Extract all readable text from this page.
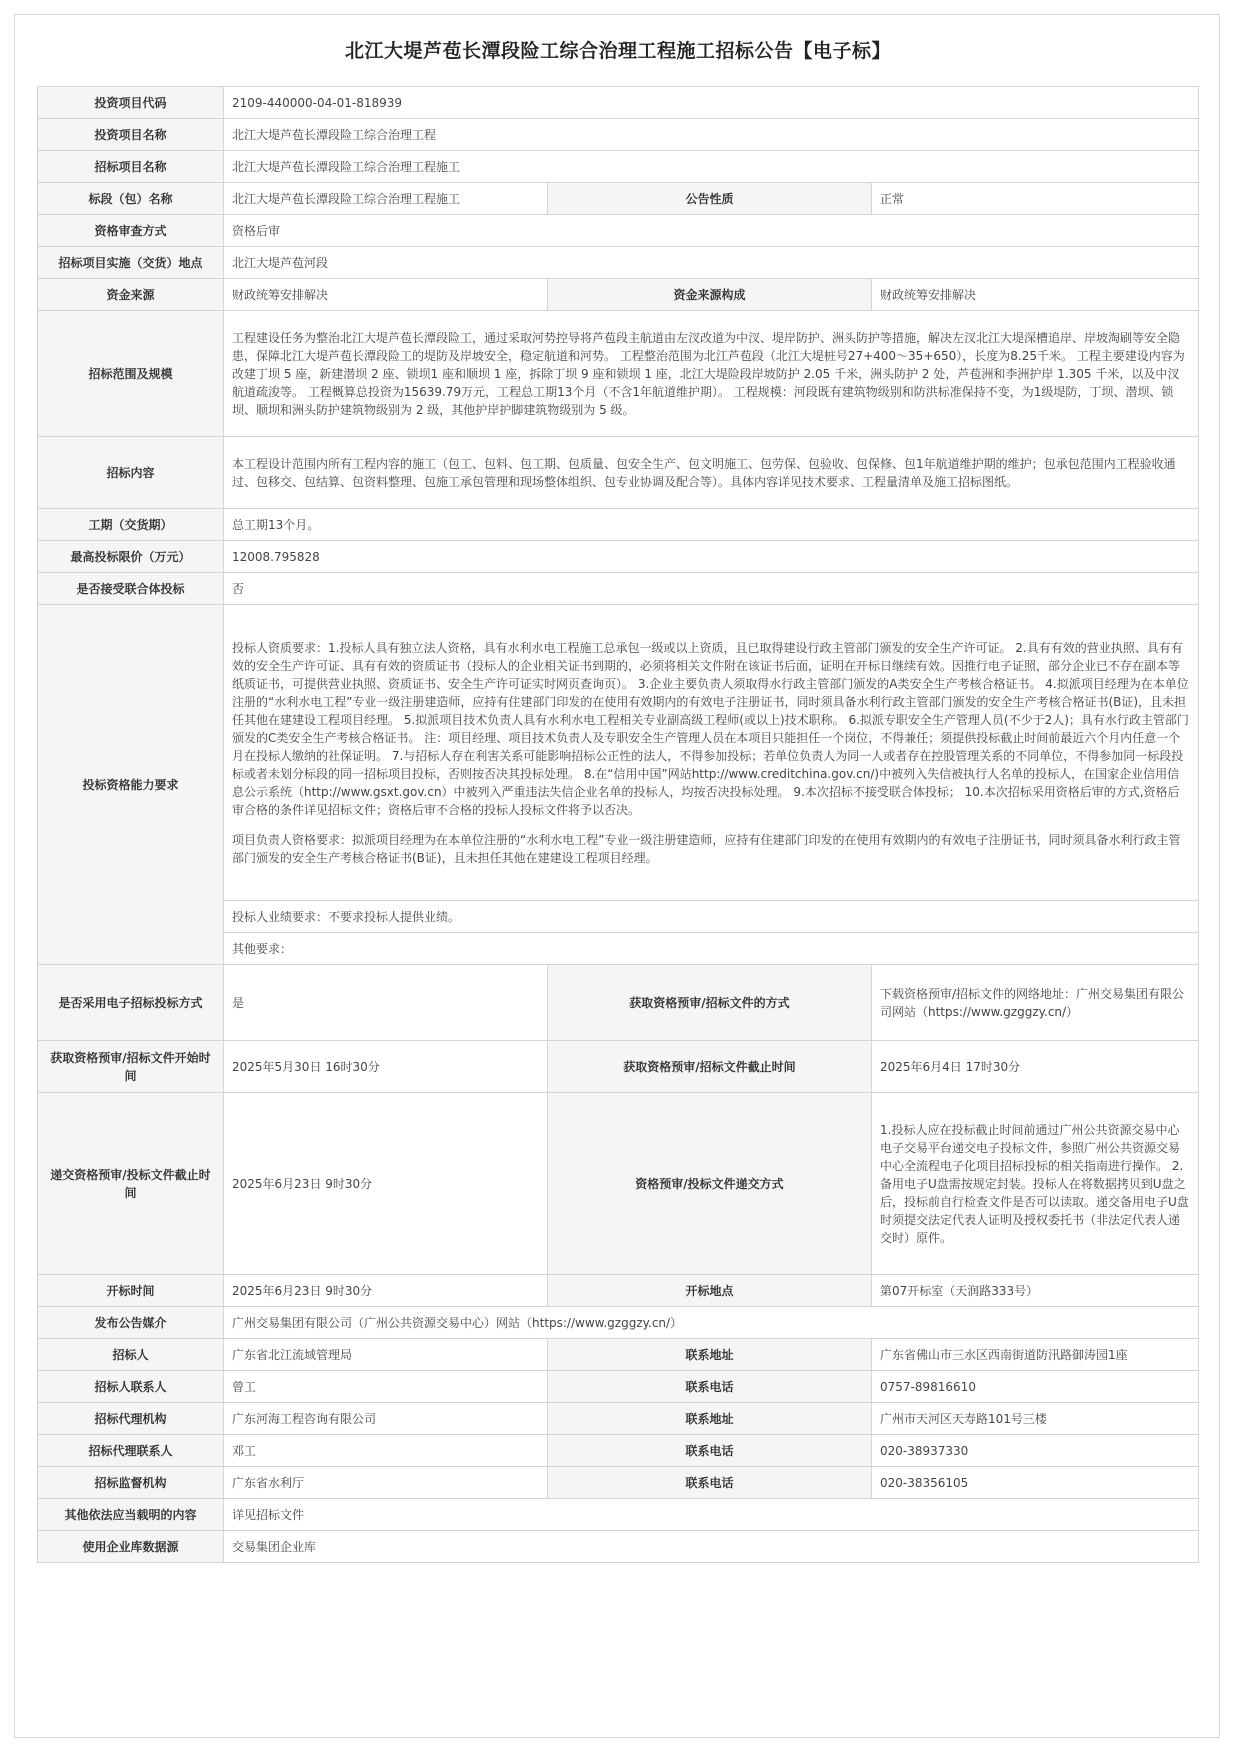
北江大堤芦苞长潭段险工综合治理工程施工招标公告【电子标】
投资项目代码	2109-440000-04-01-818939		
投资项目名称	北江大堤芦苞长潭段险工综合治理工程		
招标项目名称	北江大堤芦苞长潭段险工综合治理工程施工		
标段（包）名称	北江大堤芦苞长潭段险工综合治理工程施工	公告性质	正常
资格审查方式	资格后审		
招标项目实施（交货）地点	北江大堤芦苞河段		
资金来源	财政统筹安排解决	资金来源构成	财政统筹安排解决
招标范围及规模	工程建设任务为整治北江大堤芦苞长潭段险工，通过采取河势控导将芦苞段主航道由左汊改道为中汊、堤岸防护、洲头防护等措施，解决左汊北江大堤深槽追岸、岸坡淘刷等安全隐患，保障北江大堤芦苞长潭段险工的堤防及岸坡安全，稳定航道和河势。 工程整治范围为北江芦苞段（北江大堤桩号27+400～35+650），长度为8.25千米。 工程主要建设内容为改建丁坝 5 座，新建潜坝 2 座、锁坝1 座和顺坝 1 座，拆除丁坝 9 座和锁坝 1 座，北江大堤险段岸坡防护 2.05 千米，洲头防护 2 处，芦苞洲和李洲护岸 1.305 千米，以及中汊航道疏浚等。 工程概算总投资为15639.79万元，工程总工期13个月（不含1年航道维护期）。 工程规模：河段既有建筑物级别和防洪标准保持不变，为1级堤防，丁坝、潜坝、锁坝、顺坝和洲头防护建筑物级别为 2 级，其他护岸护脚建筑物级别为 5 级。		
招标内容	本工程设计范围内所有工程内容的施工（包工、包料、包工期、包质量、包安全生产、包文明施工、包劳保、包验收、包保修、包1年航道维护期的维护；包承包范围内工程验收通过、包移交、包结算、包资料整理、包施工承包管理和现场整体组织、包专业协调及配合等）。具体内容详见技术要求、工程量清单及施工招标图纸。		
工期（交货期）	总工期13个月。		
最高投标限价（万元）	12008.795828		
是否接受联合体投标	否		
投标资格能力要求	投标人资质要求：1.投标人具有独立法人资格，具有水利水电工程施工总承包一级或以上资质，且已取得建设行政主管部门颁发的安全生产许可证。 2.具有有效的营业执照、具有有效的安全生产许可证、具有有效的资质证书（投标人的企业相关证书到期的，必须将相关文件附在该证书后面，证明在开标日继续有效。因推行电子证照，部分企业已不存在副本等纸质证书，可提供营业执照、资质证书、安全生产许可证实时网页查询页）。 3.企业主要负责人须取得水行政主管部门颁发的A类安全生产考核合格证书。 4.拟派项目经理为在本单位注册的“水利水电工程”专业一级注册建造师，应持有住建部门印发的在使用有效期内的有效电子注册证书，同时须具备水利行政主管部门颁发的安全生产考核合格证书(B证)，且未担任其他在建建设工程项目经理。 5.拟派项目技术负责人具有水利水电工程相关专业副高级工程师(或以上)技术职称。 6.拟派专职安全生产管理人员(不少于2人)；具有水行政主管部门颁发的C类安全生产考核合格证书。 注：项目经理、项目技术负责人及专职安全生产管理人员在本项目只能担任一个岗位，不得兼任；须提供投标截止时间前最近六个月内任意一个月在投标人缴纳的社保证明。 7.与招标人存在利害关系可能影响招标公正性的法人，不得参加投标；若单位负责人为同一人或者存在控股管理关系的不同单位，不得参加同一标段投标或者未划分标段的同一招标项目投标，否则按否决其投标处理。 8.在“信用中国”网站http://www.creditchina.gov.cn/)中被列入失信被执行人名单的投标人，在国家企业信用信息公示系统（http://www.gsxt.gov.cn）中被列入严重违法失信企业名单的投标人，均按否决投标处理。 9.本次招标不接受联合体投标； 10.本次招标采用资格后审的方式,资格后审合格的条件详见招标文件；资格后审不合格的投标人投标文件将予以否决。

项目负责人资格要求：拟派项目经理为在本单位注册的“水利水电工程”专业一级注册建造师，应持有住建部门印发的在使用有效期内的有效电子注册证书，同时须具备水利行政主管部门颁发的安全生产考核合格证书(B证)，且未担任其他在建建设工程项目经理。		

	投标人业绩要求：不要求投标人提供业绩。		
	其他要求：		
是否采用电子招标投标方式	是	获取资格预审/招标文件的方式	下载资格预审/招标文件的网络地址：广州交易集团有限公司网站（https://www.gzggzy.cn/）
获取资格预审/招标文件开始时间	2025年5月30日 16时30分	获取资格预审/招标文件截止时间	2025年6月4日 17时30分
递交资格预审/投标文件截止时间	2025年6月23日 9时30分	资格预审/投标文件递交方式	1.投标人应在投标截止时间前通过广州公共资源交易中心电子交易平台递交电子投标文件，参照广州公共资源交易中心全流程电子化项目招标投标的相关指南进行操作。 2.备用电子U盘需按规定封装。投标人在将数据拷贝到U盘之后，投标前自行检查文件是否可以读取。递交备用电子U盘时须提交法定代表人证明及授权委托书（非法定代表人递交时）原件。
开标时间	2025年6月23日 9时30分	开标地点	第07开标室（天润路333号）
发布公告媒介	广州交易集团有限公司（广州公共资源交易中心）网站（https://www.gzggzy.cn/）		
招标人	广东省北江流域管理局	联系地址	广东省佛山市三水区西南街道防汛路御涛园1座
招标人联系人	曾工	联系电话	0757-89816610
招标代理机构	广东河海工程咨询有限公司	联系地址	广州市天河区天寿路101号三楼
招标代理联系人	邓工	联系电话	020-38937330
招标监督机构	广东省水利厅	联系电话	020-38356105
其他依法应当载明的内容	详见招标文件		
使用企业库数据源	交易集团企业库		
